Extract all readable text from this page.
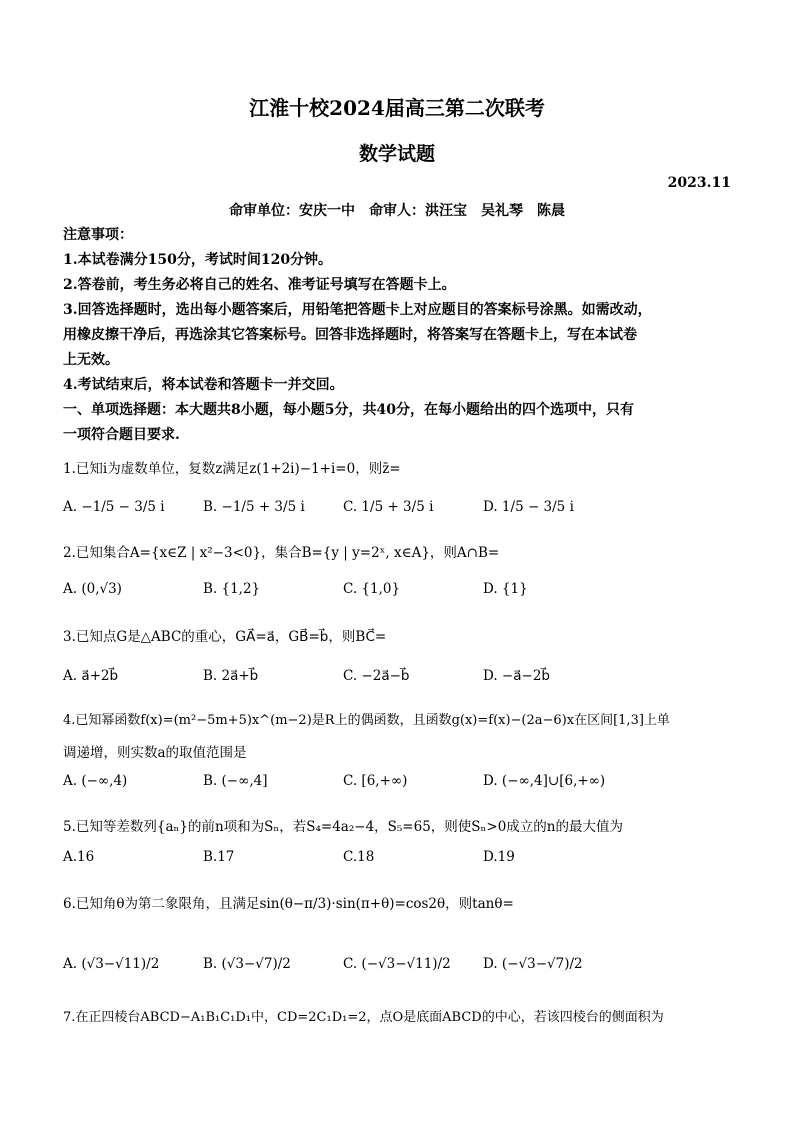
江淮十校2024届高三第二次联考
数学试题
2023.11
命审单位：安庆一中　命审人：洪汪宝　吴礼琴　陈晨
注意事项：
1.本试卷满分150分，考试时间120分钟。
2.答卷前，考生务必将自己的姓名、准考证号填写在答题卡上。
3.回答选择题时，选出每小题答案后，用铅笔把答题卡上对应题目的答案标号涂黑。如需改动，
用橡皮擦干净后，再选涂其它答案标号。回答非选择题时，将答案写在答题卡上，写在本试卷
上无效。
4.考试结束后，将本试卷和答题卡一并交回。
一、单项选择题：本大题共8小题，每小题5分，共40分，在每小题给出的四个选项中，只有
一项符合题目要求.
1.已知i为虚数单位，复数z满足z(1+2i)−1+i=0，则z̄=
A. −1/5 − 3/5 i	B. −1/5 + 3/5 i	C. 1/5 + 3/5 i	D. 1/5 − 3/5 i
2.已知集合A={x∈Z | x²−3<0}，集合B={y | y=2ˣ, x∈A}，则A∩B=
A. (0,√3)	B. {1,2}	C. {1,0}	D. {1}
3.已知点G是△ABC的重心，GA⃗=a⃗，GB⃗=b⃗，则BC⃗=
A. a⃗+2b⃗	B. 2a⃗+b⃗	C. −2a⃗−b⃗	D. −a⃗−2b⃗
4.已知幂函数f(x)=(m²−5m+5)x^(m−2)是R上的偶函数，且函数g(x)=f(x)−(2a−6)x在区间[1,3]上单
调递增，则实数a的取值范围是
A. (−∞,4)	B. (−∞,4]	C. [6,+∞)	D. (−∞,4]∪[6,+∞)
5.已知等差数列{aₙ}的前n项和为Sₙ，若S₄=4a₂−4，S₅=65，则使Sₙ>0成立的n的最大值为
A.16	B.17	C.18	D.19
6.已知角θ为第二象限角，且满足sin(θ−π/3)·sin(π+θ)=cos2θ，则tanθ=
A. (√3−√11)/2	B. (√3−√7)/2	C. (−√3−√11)/2 D. (−√3−√7)/2
7.在正四棱台ABCD−A₁B₁C₁D₁中，CD=2C₁D₁=2，点O是底面ABCD的中心，若该四棱台的侧面积为
